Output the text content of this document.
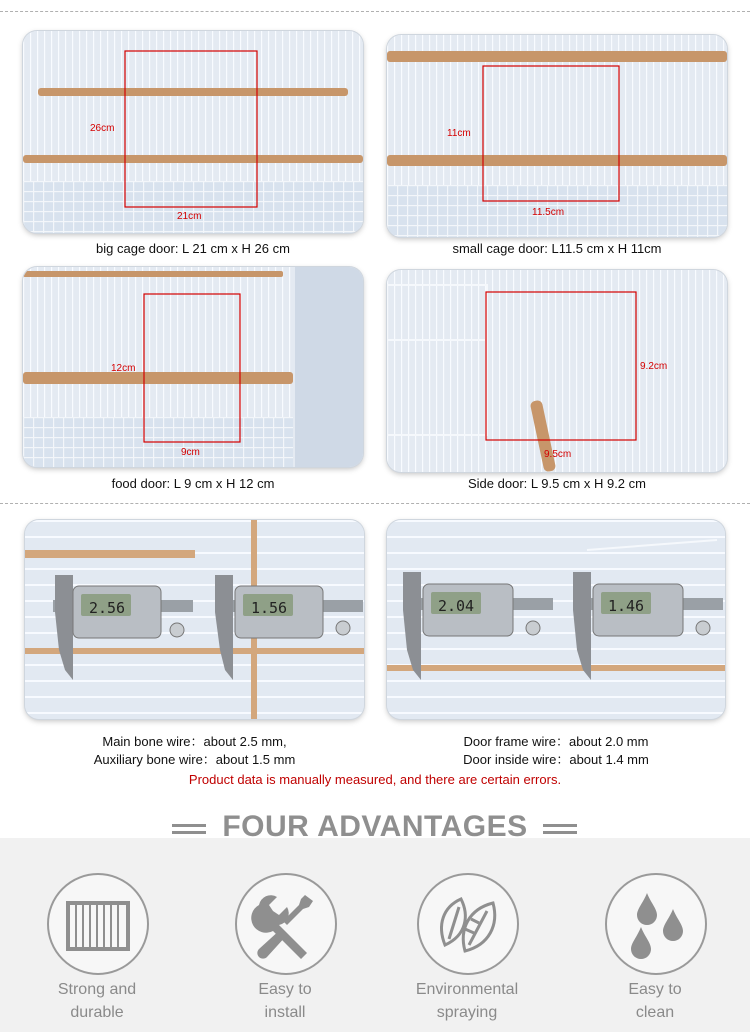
26cm
21cm
big cage door: L 21 cm x H 26 cm
11cm
11.5cm
small cage door: L11.5 cm x H 11cm
12cm
9cm
food door: L 9 cm x H 12 cm
9.2cm
9.5cm
Side door: L 9.5 cm x H 9.2 cm
2.56	1.56	2.04	1.46
Main bone wire：about 2.5 mm,
Auxiliary bone wire：about 1.5 mm
Door frame wire：about 2.0 mm
Door inside wire：about 1.4 mm
Product data is manually measured, and there are certain errors.
FOUR ADVANTAGES
Strong and
durable
Easy to
install
Environmental
spraying
Easy to
clean
